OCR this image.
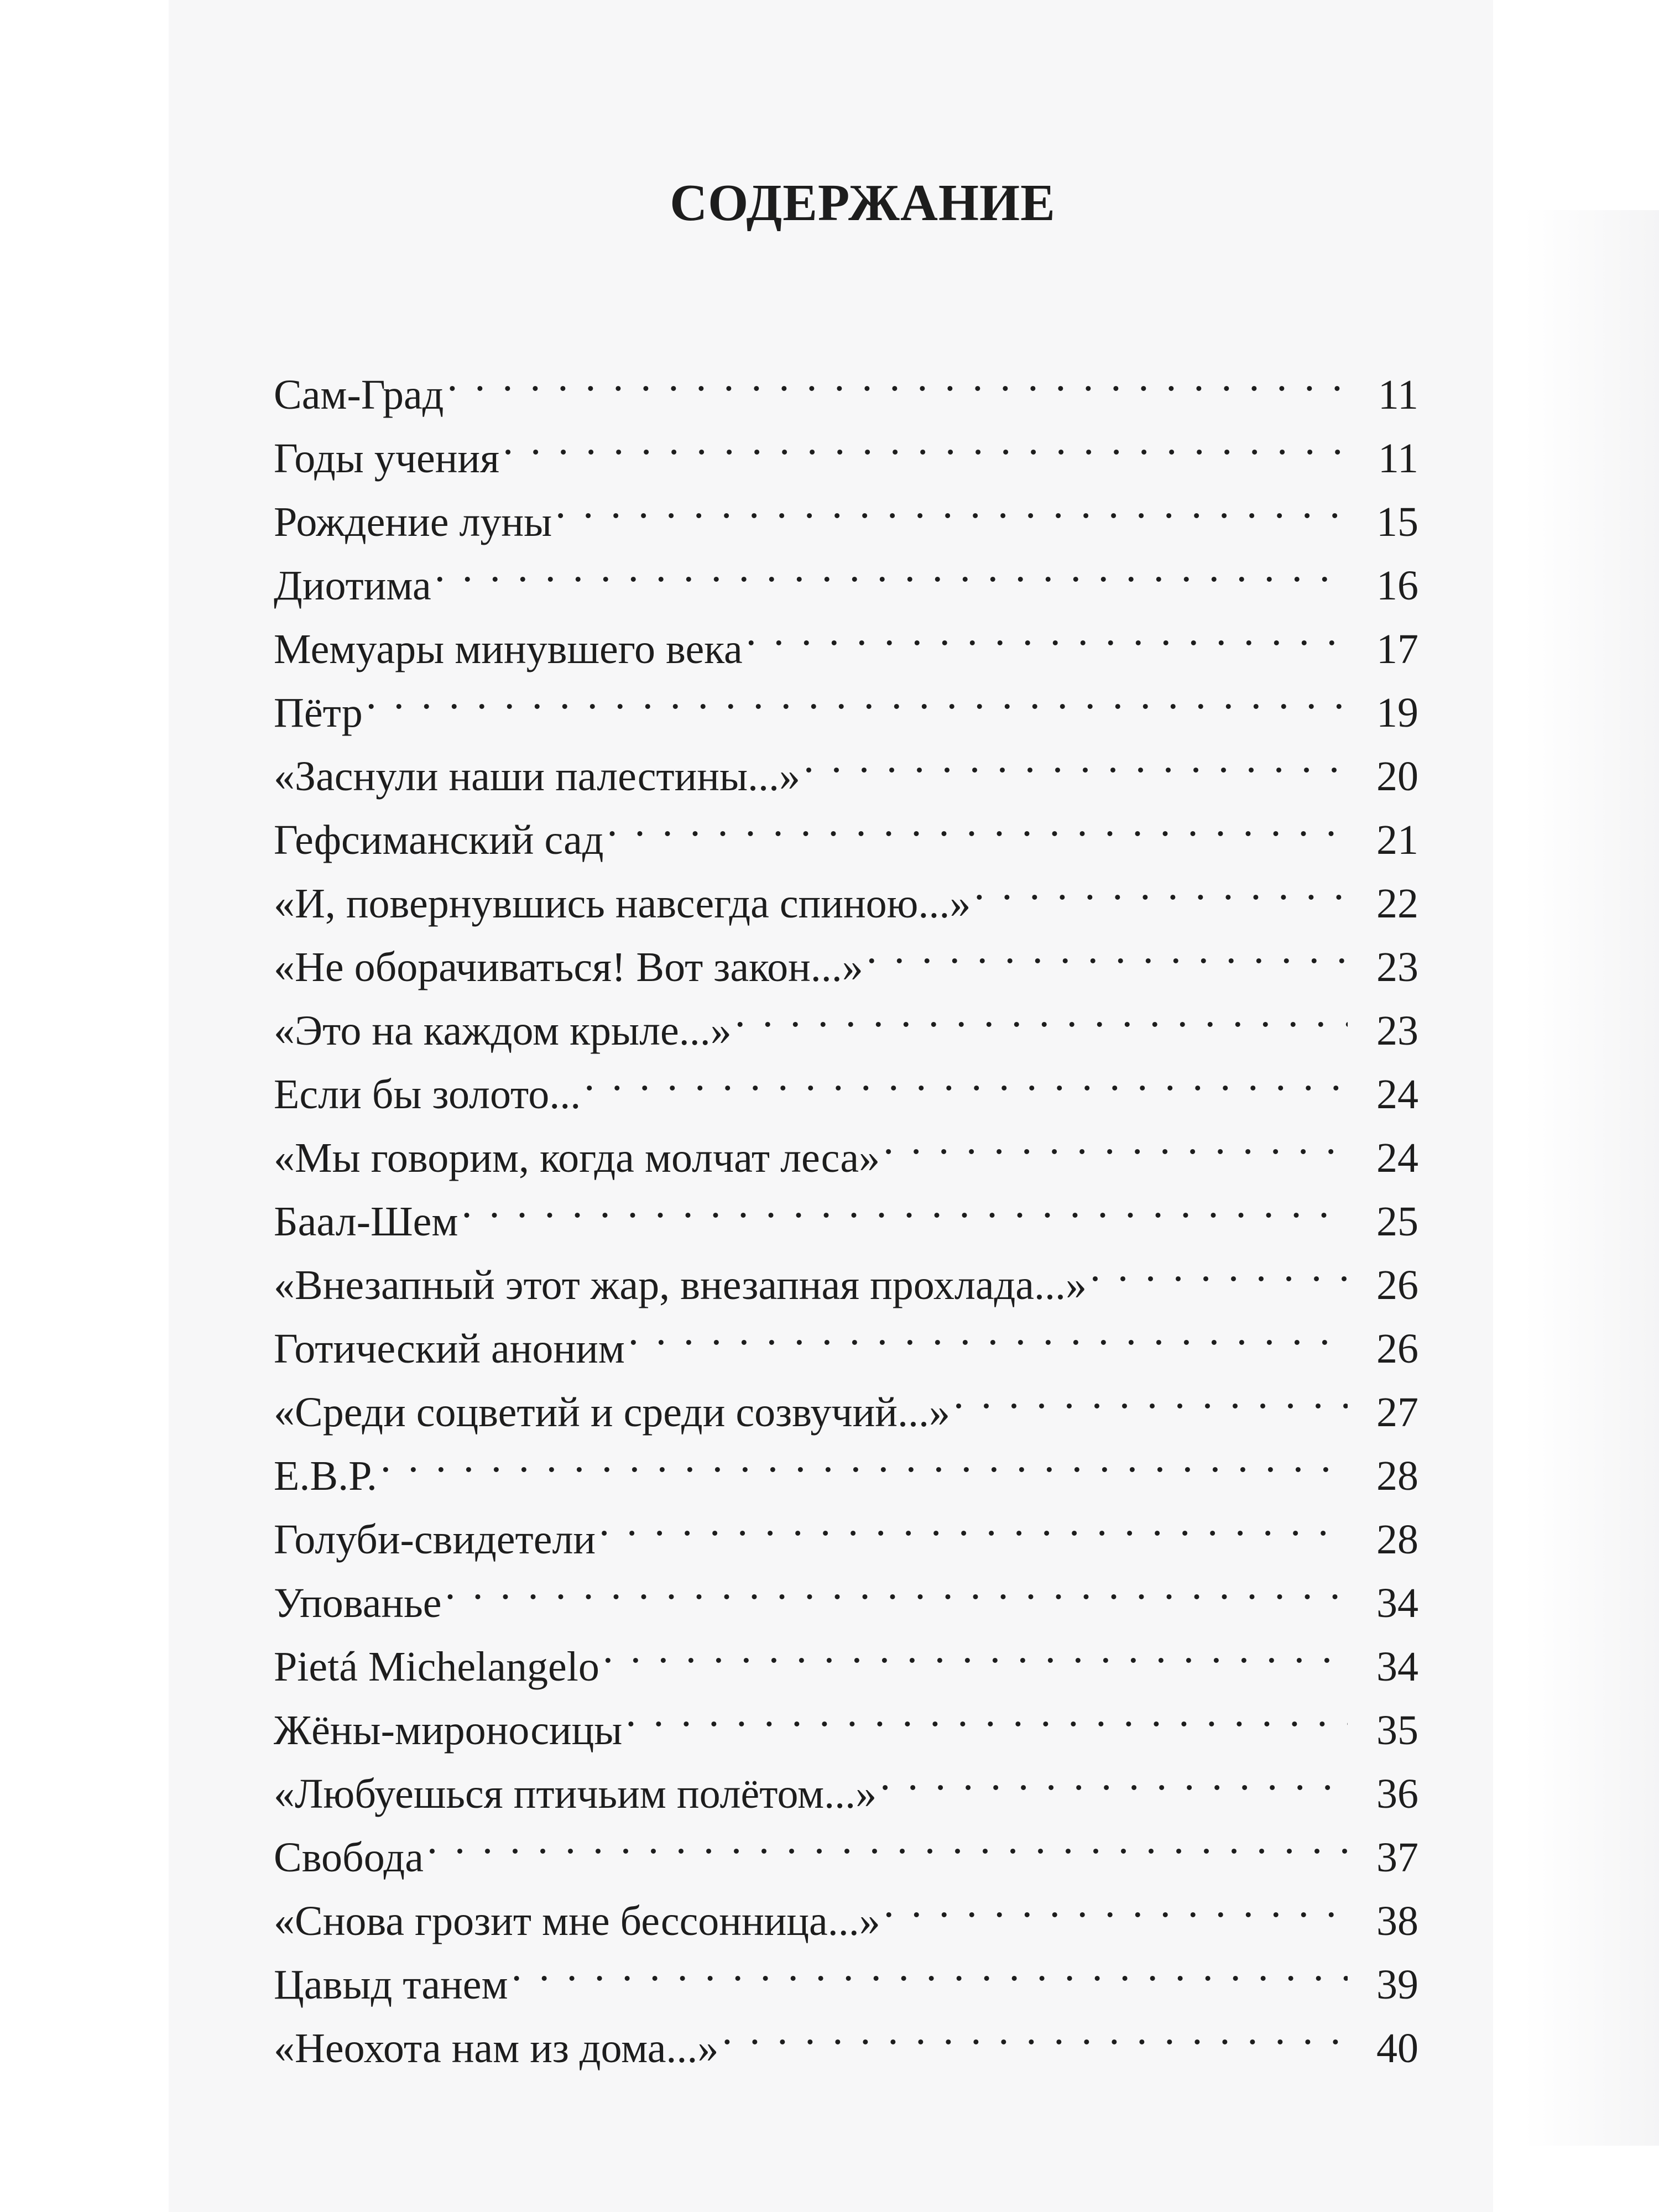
СОДЕРЖАНИЕ
Сам-Град . . .	11
Годы учения . . .	11
Рождение луны . . .	15
Диотима . . .	16
Мемуары минувшего века . . .	17
Пётр . . .	19
«Заснули наши палестины...» . . .	20
Гефсиманский сад . . .	21
«И, повернувшись навсегда спиною...» . . .	22
«Не оборачиваться! Вот закон...» . . .	23
«Это на каждом крыле...» . . .	23
Если бы золото... . . .	24
«Мы говорим, когда молчат леса» . . .	24
Баал-Шем . . .	25
«Внезапный этот жар, внезапная прохлада...» . . .	26
Готический аноним . . .	26
«Среди соцветий и среди созвучий...» . . .	27
Е.В.Р. . . .	28
Голуби-свидетели . . .	28
Упованье . . .	34
Pietá Michelangelo . . .	34
Жёны-мироносицы . . .	35
«Любуешься птичьим полётом...» . . .	36
Свобода . . .	37
«Снова грозит мне бессонница...» . . .	38
Цавыд танем . . .	39
«Неохота нам из дома...» . . .	40
